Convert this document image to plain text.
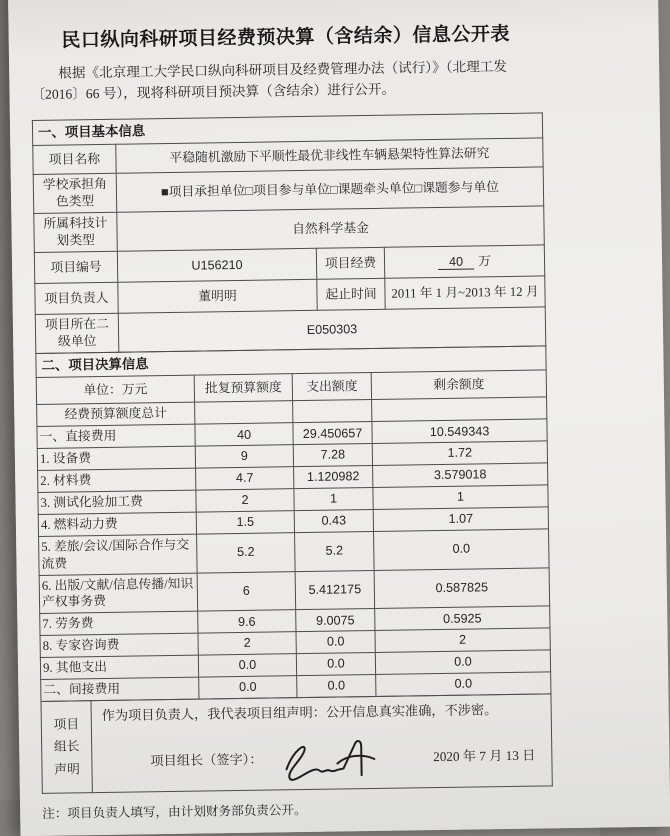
民口纵向科研项目经费预决算（含结余）信息公开表
根据《北京理工大学民口纵向科研项目及经费管理办法（试行）》（北理工发〔2016〕66 号），现将科研项目预决算（含结余）进行公开。
一、项目基本信息			
项目名称	平稳随机激励下平顺性最优非线性车辆悬架特性算法研究		
学校承担角色类型	■项目承担单位□项目参与单位□课题牵头单位□课题参与单位		
所属科技计划类型	自然科学基金		
项目编号	U156210	项目经费	40 万
项目负责人	董明明	起止时间	2011 年 1 月~2013 年 12 月
项目所在二级单位	E050303		
二、项目决算信息			
单位：万元	批复预算额度	支出额度	剩余额度
经费预算额度总计			
一、直接费用	40	29.450657	10.549343
1. 设备费	9	7.28	1.72
2. 材料费	4.7	1.120982	3.579018
3. 测试化验加工费	2	1	1
4. 燃料动力费	1.5	0.43	1.07
5. 差旅/会议/国际合作与交流费	5.2	5.2	0.0
6. 出版/文献/信息传播/知识产权事务费	6	5.412175	0.587825
7. 劳务费	9.6	9.0075	0.5925
8. 专家咨询费	2	0.0	2
9. 其他支出	0.0	0.0	0.0
二、间接费用	0.0	0.0	0.0
项目组长声明	
作为项目负责人，我代表项目组声明：公开信息真实准确，不涉密。
项目组长（签字）：	2020 年 7 月 13 日
注：项目负责人填写，由计划财务部负责公开。
